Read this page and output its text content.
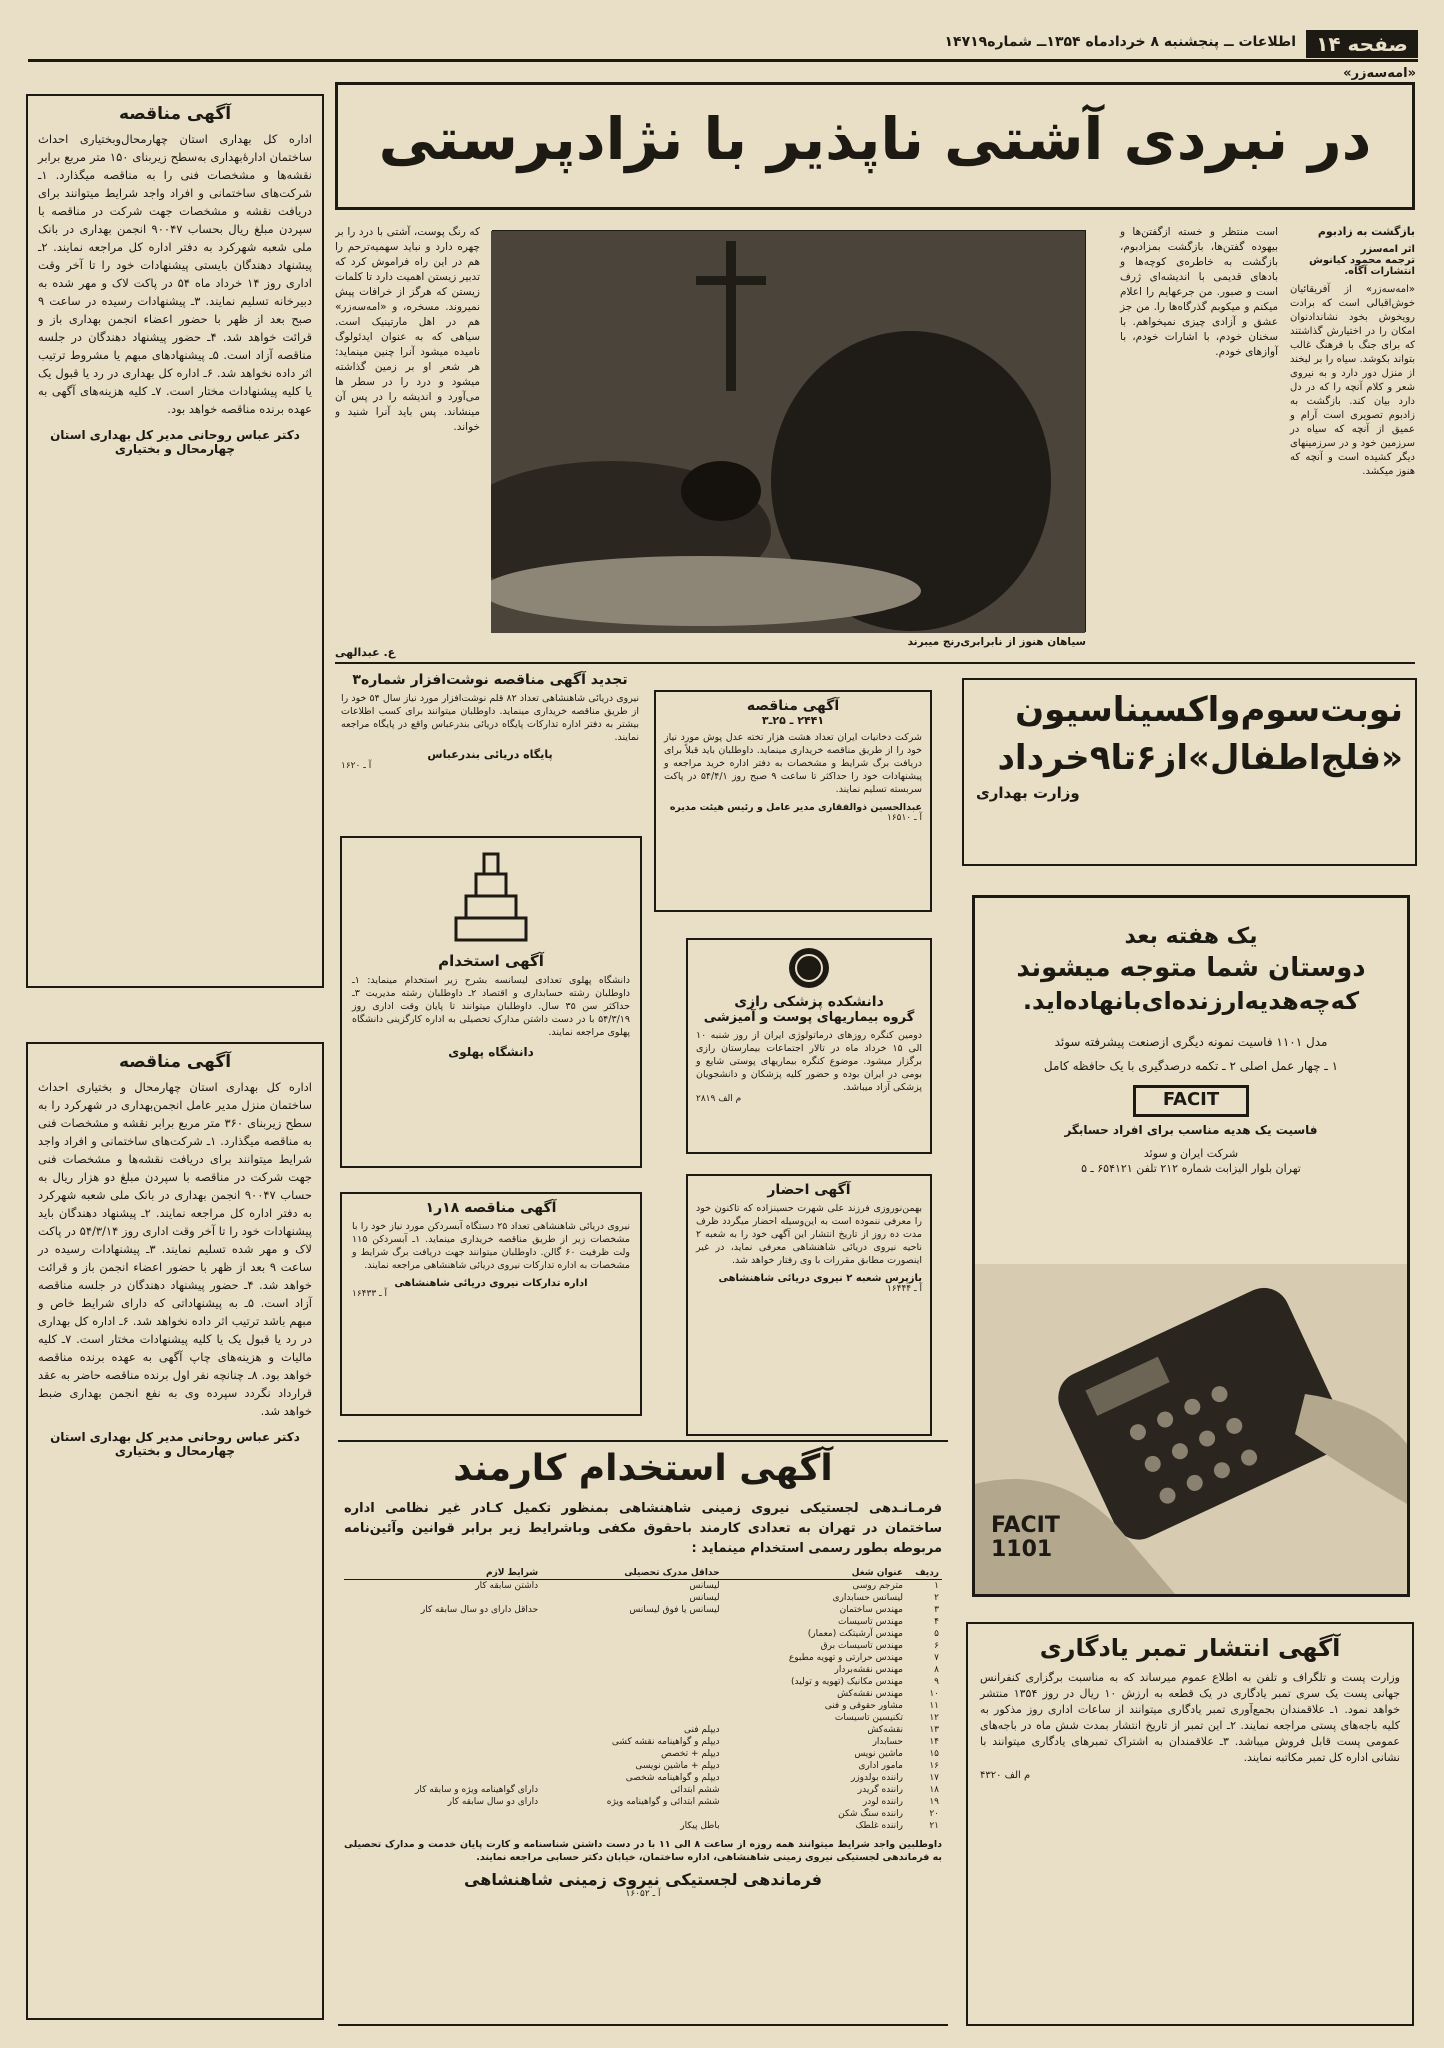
صفحه ۱۴
اطلاعات ــ پنجشنبه ۸ خردادماه ۱۳۵۴ــ شماره۱۴۷۱۹
«امه‌سه‌زر»
آگهی مناقصه
اداره کل بهداری استان چهارمحال‌وبختیاری احداث ساختمان ادارۀ‌بهداری به‌سطح زیربنای ۱۵۰ متر مربع برابر نقشه‌ها و مشخصات فنی را به مناقصه میگذارد. ۱ـ شرکت‌های ساختمانی و افراد واجد شرایط میتوانند برای دریافت نقشه و مشخصات جهت شرکت در مناقصه با سپردن مبلغ ریال بحساب ۹۰۰۴۷ انجمن بهداری در بانک ملی شعبه شهرکرد به دفتر اداره کل مراجعه نمایند. ۲ـ پیشنهاد دهندگان بایستی پیشنهادات خود را تا آخر وقت اداری روز ۱۴ خرداد ماه ۵۴ در پاکت لاک و مهر شده به دبیرخانه تسلیم نمایند. ۳ـ پیشنهادات رسیده در ساعت ۹ صبح بعد از ظهر با حضور اعضاء انجمن بهداری باز و قرائت خواهد شد. ۴ـ حضور پیشنهاد دهندگان در جلسه مناقصه آزاد است. ۵ـ پیشنهادهای مبهم یا مشروط ترتیب اثر داده نخواهد شد. ۶ـ اداره کل بهداری در رد یا قبول یک یا کلیه پیشنهادات مختار است. ۷ـ کلیه هزینه‌های آگهی به عهده برنده مناقصه خواهد بود.
دکتر عباس روحانی مدیر کل بهداری استان چهارمحال و بختیاری
آگهی مناقصه
اداره کل بهداری استان چهارمحال و بختیاری احداث ساختمان منزل مدیر عامل انجمن‌بهداری در شهرکرد را به سطح زیربنای ۳۶۰ متر مربع برابر نقشه و مشخصات فنی به مناقصه میگذارد. ۱ـ شرکت‌های ساختمانی و افراد واجد شرایط میتوانند برای دریافت نقشه‌ها و مشخصات فنی جهت شرکت در مناقصه با سپردن مبلغ دو هزار ریال به حساب ۹۰۰۴۷ انجمن بهداری در بانک ملی شعبه شهرکرد به دفتر اداره کل مراجعه نمایند. ۲ـ پیشنهاد دهندگان باید پیشنهادات خود را تا آخر وقت اداری روز ۵۴/۳/۱۴ در پاکت لاک و مهر شده تسلیم نمایند. ۳ـ پیشنهادات رسیده در ساعت ۹ بعد از ظهر با حضور اعضاء انجمن باز و قرائت خواهد شد. ۴ـ حضور پیشنهاد دهندگان در جلسه مناقصه آزاد است. ۵ـ به پیشنهاداتی که دارای شرایط خاص و مبهم باشد ترتیب اثر داده نخواهد شد. ۶ـ اداره کل بهداری در رد یا قبول یک یا کلیه پیشنهادات مختار است. ۷ـ کلیه مالیات و هزینه‌های چاپ آگهی به عهده برنده مناقصه خواهد بود. ۸ـ چنانچه نفر اول برنده مناقصه حاضر به عقد قرارداد نگردد سپرده وی به نفع انجمن بهداری ضبط خواهد شد.
دکتر عباس روحانی مدیر کل بهداری استان چهارمحال و بختیاری
در نبردی آشتی ناپذیر با نژادپرستی
بازگشت به زادبوم
اثر امه‌سزر
ترجمه محمود کیانوش
انتشارات آگاه.
«امه‌سه‌زر» از آفریقائیان خوش‌اقبالی است که برادت رویخوش بخود نشاندادنوان امکان را در اختیارش گذاشتند که برای جنگ با فرهنگ غالب بتواند بکوشد. سیاه را بر لبخند از منزل دور دارد و به نیروی شعر و کلام آنچه را که در دل دارد بیان کند. بازگشت به زادبوم تصویری است آرام و عمیق از آنچه که سیاه در سرزمین خود و در سرزمینهای دیگر کشیده است و آنچه که هنوز میکشد.
است منتظر و خسته ازگفتن‌ها و بیهوده گفتن‌ها، بازگشت بمزادبوم، بازگشت به خاطره‌ی کوچه‌ها و بادهای قدیمی با اندیشه‌ای ژرف است و صبور. من جرعهایم را اعلام میکنم و میکوبم گذرگاه‌ها را. من جز عشق و آزادی چیزی نمیخواهم. با سخنان خودم، با اشارات خودم، با آوازهای خودم.
سیاهان هنوز از نابرابری‌رنج میبرند
که رنگ پوست، آشتی با درد را بر چهره دارد و نباید سهمیه‌ترحم را هم در این راه فراموش کرد که تدبیر زیستن اهمیت دارد تا کلمات زیستن که هرگز از خرافات پیش نمیروند. مسخره، و «امه‌سه‌زر» هم در اهل مارتینیک است. سیاهی که به عنوان ایدئولوگ نامیده میشود آنرا چنین مینماید: هر شعر او بر زمین گذاشته میشود و درد را در سطر ها می‌آورد و اندیشه را در پس آن مینشاند. پس باید آنرا شنید و خواند.
ع. عبدالهی
تجدید آگهی مناقصه نوشت‌افزار شماره۳
نیروی دریائی شاهنشاهی تعداد ۸۲ قلم نوشت‌افزار مورد نیاز سال ۵۴ خود را از طریق مناقصه خریداری مینماید. داوطلبان میتوانند برای کسب اطلاعات بیشتر به دفتر اداره تدارکات پایگاه دریائی بندرعباس واقع در پایگاه مراجعه نمایند.
پایگاه دریائی بندرعباس
آ ـ ۱۶۲۰
آگهی مناقصه
۲۴۴۱ ـ ۲۵ـ۳
شرکت دخانیات ایران تعداد هشت هزار تخته عدل پوش مورد نیاز خود را از طریق مناقصه خریداری مینماید. داوطلبان باید قبلاً برای دریافت برگ شرایط و مشخصات به دفتر اداره خرید مراجعه و پیشنهادات خود را حداکثر تا ساعت ۹ صبح روز ۵۴/۴/۱ در پاکت سربسته تسلیم نمایند.
عبدالحسین ذوالفقاری مدیر عامل و رئیس هیئت مدیره
آ ـ ۱۶۵۱۰
آگهی استخدام
دانشگاه پهلوی تعدادی لیسانسه بشرح زیر استخدام مینماید: ۱ـ داوطلبان رشته حسابداری و اقتصاد ۲ـ داوطلبان رشته مدیریت ۳ـ حداکثر سن ۳۵ سال. داوطلبان میتوانند تا پایان وقت اداری روز ۵۴/۳/۱۹ با در دست داشتن مدارک تحصیلی به اداره کارگزینی دانشگاه پهلوی مراجعه نمایند.
دانشگاه پهلوی
دانشکده پزشکی رازی
گروه بیماریهای پوست و آمیزشی
دومین کنگره روزهای درماتولوژی ایران از روز شنبه ۱۰ الی ۱۵ خرداد ماه در تالار اجتماعات بیمارستان رازی برگزار میشود. موضوع کنگره بیماریهای پوستی شایع و بومی در ایران بوده و حضور کلیه پزشکان و دانشجویان پزشکی آزاد میباشد.
م الف ۲۸۱۹
آگهی مناقصه ۱۸ر۱
نیروی دریائی شاهنشاهی تعداد ۲۵ دستگاه آبسردکن مورد نیاز خود را با مشخصات زیر از طریق مناقصه خریداری مینماید. ۱ـ آبسردکن ۱۱۵ ولت ظرفیت ۶۰ گالن. داوطلبان میتوانند جهت دریافت برگ شرایط و مشخصات به اداره تدارکات نیروی دریائی شاهنشاهی مراجعه نمایند.
اداره تدارکات نیروی دریائی شاهنشاهی
آ ـ ۱۶۴۳۳
آگهی احضار
بهمن‌نوروزی فرزند علی شهرت حسینزاده که تاکنون خود را معرفی ننموده است به این‌وسیله احضار میگردد ظرف مدت ده روز از تاریخ انتشار این آگهی خود را به شعبه ۲ ناحیه نیروی دریائی شاهنشاهی معرفی نماید، در غیر اینصورت مطابق مقررات با وی رفتار خواهد شد.
بازپرس شعبه ۲ نیروی دریائی شاهنشاهی
آ ـ ۱۶۴۴۴
نوبت‌سوم‌واکسیناسیون
«فلج‌اطفال»از۶تا۹خرداد
وزارت بهداری
یک هفته بعد
دوستان شما متوجه میشوند
که‌چه‌هدیه‌ارزنده‌ای‌بانهاده‌اید.
مدل ۱۱۰۱ فاسیت نمونه دیگری ازصنعت پیشرفته سوئد
۱ ـ چهار عمل اصلی ۲ ـ تکمه درصدگیری با یک حافظه کامل
FACIT
فاسیت یک هدیه مناسب برای افراد حسابگر
شرکت ایران و سوئد
تهران بلوار الیزابت شماره ۲۱۲ تلفن ۶۵۴۱۲۱ ـ ۵
FACIT
1101
آگهی انتشار تمبر یادگاری
وزارت پست و تلگراف و تلفن به اطلاع عموم میرساند که به مناسبت برگزاری کنفرانس جهانی پست یک سری تمبر یادگاری در یک قطعه به ارزش ۱۰ ریال در روز ۱۳۵۴ منتشر خواهد نمود. ۱ـ علاقمندان بجمع‌آوری تمبر یادگاری میتوانند از ساعات اداری روز مذکور به کلیه باجه‌های پستی مراجعه نمایند. ۲ـ این تمبر از تاریخ انتشار بمدت شش ماه در باجه‌های عمومی پست قابل فروش میباشد. ۳ـ علاقمندان به اشتراک تمبرهای یادگاری میتوانند با نشانی اداره کل تمبر مکاتبه نمایند.
م الف ۴۳۲۰
آگهی استخدام کارمند
فرمـانـدهی لجستیکی نیروی زمینی شاهنشاهی بمنظور تکمیل کـادر غیر نظامی اداره ساختمان در تهران به تعدادی کارمند باحقوق مکفی وباشرایط زیر برابر قوانین وآئین‌نامه مربوطه بطور رسمی استخدام مینماید :
ردیف	عنوان شغل	حداقل مدرک تحصیلی	شرایط لازم
۱	مترجم روسی	لیسانس	داشتن سابقه کار
۲	لیسانس حسابداری	لیسانس	
۳	مهندس ساختمان	لیسانس یا فوق لیسانس	حداقل دارای دو سال سابقه کار
۴	مهندس تاسیسات		
۵	مهندس آرشیتکت (معمار)		
۶	مهندس تاسیسات برق		
۷	مهندس حرارتی و تهویه مطبوع		
۸	مهندس نقشه‌بردار		
۹	مهندس مکانیک (تهویه و تولید)		
۱۰	مهندس نقشه‌کش		
۱۱	مشاور حقوقی و فنی		
۱۲	تکنیسین تاسیسات		
۱۳	نقشه‌کش	دیپلم فنی	
۱۴	حسابدار	دیپلم و گواهینامه نقشه کشی	
۱۵	ماشین نویس	دیپلم + تخصص	
۱۶	مامور اداری	دیپلم + ماشین نویسی	
۱۷	راننده بولدوزر	دیپلم و گواهینامه شخصی	
۱۸	راننده گریدر	ششم ابتدائی	دارای گواهینامه ویژه و سابقه کار
۱۹	راننده لودر	ششم ابتدائی و گواهینامه ویژه	دارای دو سال سابقه کار
۲۰	راننده سنگ شکن		
۲۱	راننده غلطک	باطل پیکار	
داوطلبین واجد شرایط میتوانند همه روزه از ساعت ۸ الی ۱۱ با در دست داشتن شناسنامه‌ و کارت پایان خدمت و مدارک تحصیلی به فرماندهی لجستیکی نیروی زمینی شاهنشاهی، اداره ساختمان، خیابان دکتر حسابی مراجعه نمایند.
فرماندهی لجستیکی نیروی زمینی شاهنشاهی
آ ـ ۱۶۰۵۲
